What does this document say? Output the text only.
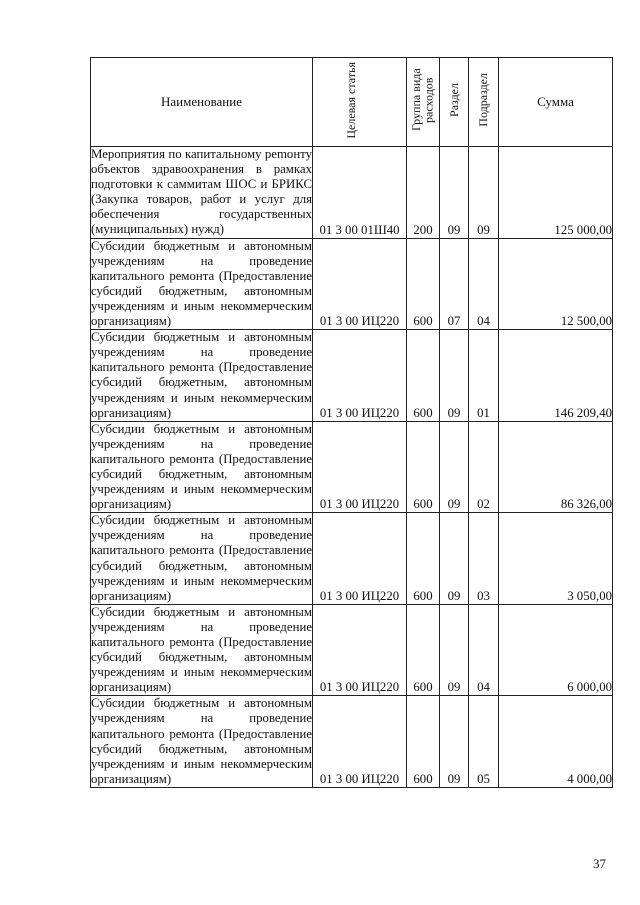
Наименование	Целевая статья	Группа вида расходов	Раздел	Подраздел	Сумма
Мероприятия по капитальному реmонту объектов здравоохранения в рамках подготовки к саммитам ШОС и БРИКС (Закупка товаров, работ и услуг для обеспечения государственных (муниципальных) нужд)	01 3 00 01Ш40	200	09	09	125 000,00
Субсидии бюджетным и автономным учреждениям на проведение капитального ремонта (Предоставление субсидий бюджетным, автономным учреждениям и иным некоммерческим организациям)	01 3 00 ИЦ220	600	07	04	12 500,00
Субсидии бюджетным и автономным учреждениям на проведение капитального ремонта (Предоставление субсидий бюджетным, автономным учреждениям и иным некоммерческим организациям)	01 3 00 ИЦ220	600	09	01	146 209,40
Субсидии бюджетным и автономным учреждениям на проведение капитального ремонта (Предоставление субсидий бюджетным, автономным учреждениям и иным некоммерческим организациям)	01 3 00 ИЦ220	600	09	02	86 326,00
Субсидии бюджетным и автономным учреждениям на проведение капитального ремонта (Предоставление субсидий бюджетным, автономным учреждениям и иным некоммерческим организациям)	01 3 00 ИЦ220	600	09	03	3 050,00
Субсидии бюджетным и автономным учреждениям на проведение капитального ремонта (Предоставление субсидий бюджетным, автономным учреждениям и иным некоммерческим организациям)	01 3 00 ИЦ220	600	09	04	6 000,00
Субсидии бюджетным и автономным учреждениям на проведение капитального ремонта (Предоставление субсидий бюджетным, автономным учреждениям и иным некоммерческим организациям)	01 3 00 ИЦ220	600	09	05	4 000,00
37
